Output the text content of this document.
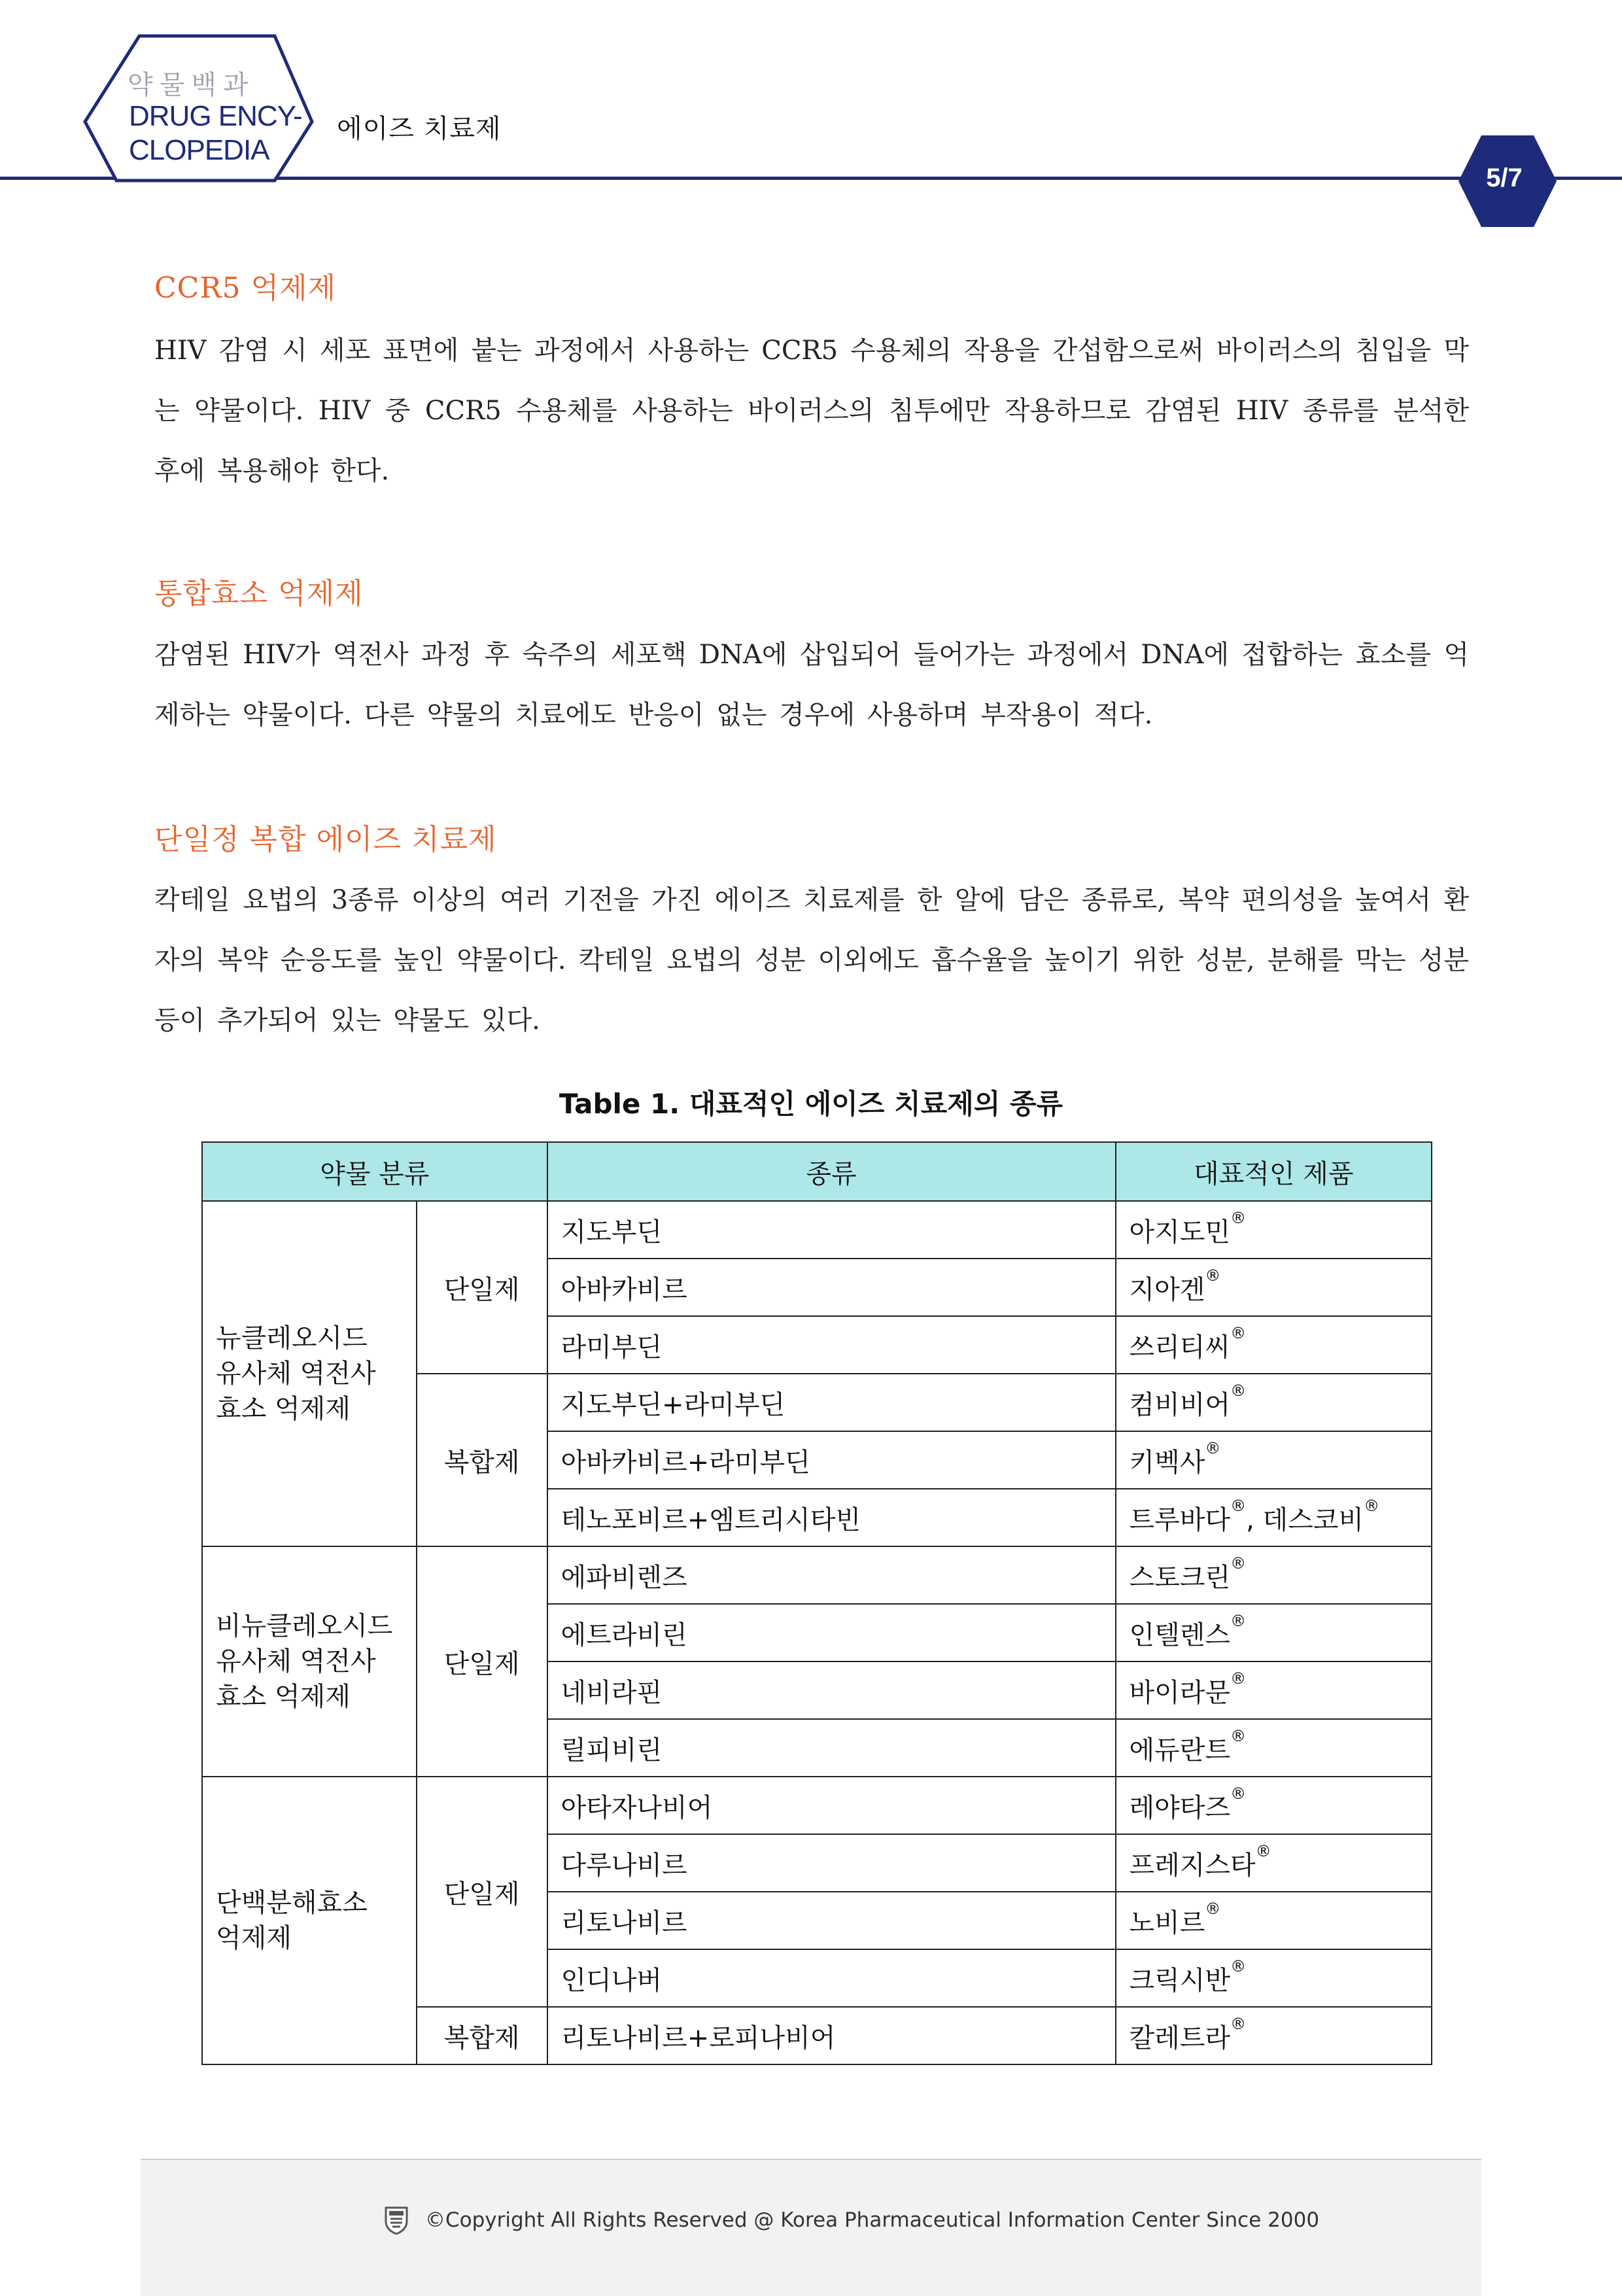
약물백과
DRUG ENCY-
CLOPEDIA
에이즈 치료제
5/7
CCR5 억제제
HIV 감염 시 세포 표면에 붙는 과정에서 사용하는 CCR5 수용체의 작용을 간섭함으로써 바이러스의 침입을 막는 약물이다. HIV 중 CCR5 수용체를 사용하는 바이러스의 침투에만 작용하므로 감염된 HIV 종류를 분석한 후에 복용해야 한다.
통합효소 억제제
감염된 HIV가 역전사 과정 후 숙주의 세포핵 DNA에 삽입되어 들어가는 과정에서 DNA에 접합하는 효소를 억제하는 약물이다. 다른 약물의 치료에도 반응이 없는 경우에 사용하며 부작용이 적다.
단일정 복합 에이즈 치료제
칵테일 요법의 3종류 이상의 여러 기전을 가진 에이즈 치료제를 한 알에 담은 종류로, 복약 편의성을 높여서 환자의 복약 순응도를 높인 약물이다. 칵테일 요법의 성분 이외에도 흡수율을 높이기 위한 성분, 분해를 막는 성분 등이 추가되어 있는 약물도 있다.
Table 1. 대표적인 에이즈 치료제의 종류
약물 분류		종류	대표적인 제품

뉴클레오시드
유사체 역전사
효소 억제제	단일제	지도부딘	아지도민®
		아바카비르	지아겐®
		라미부딘	쓰리티씨®
	복합제	지도부딘+라미부딘	컴비비어®
		아바카비르+라미부딘	키벡사®
		테노포비르+엠트리시타빈	트루바다®, 데스코비®

비뉴클레오시드
유사체 역전사
효소 억제제	단일제	에파비렌즈	스토크린®
		에트라비린	인텔렌스®
		네비라핀	바이라문®
		릴피비린	에듀란트®

단백분해효소
억제제	단일제	아타자나비어	레야타즈®
		다루나비르	프레지스타®
		리토나비르	노비르®
		인디나버	크릭시반®
	복합제	리토나비르+로피나비어	칼레트라®
©Copyright All Rights Reserved @ Korea Pharmaceutical Information Center Since 2000
